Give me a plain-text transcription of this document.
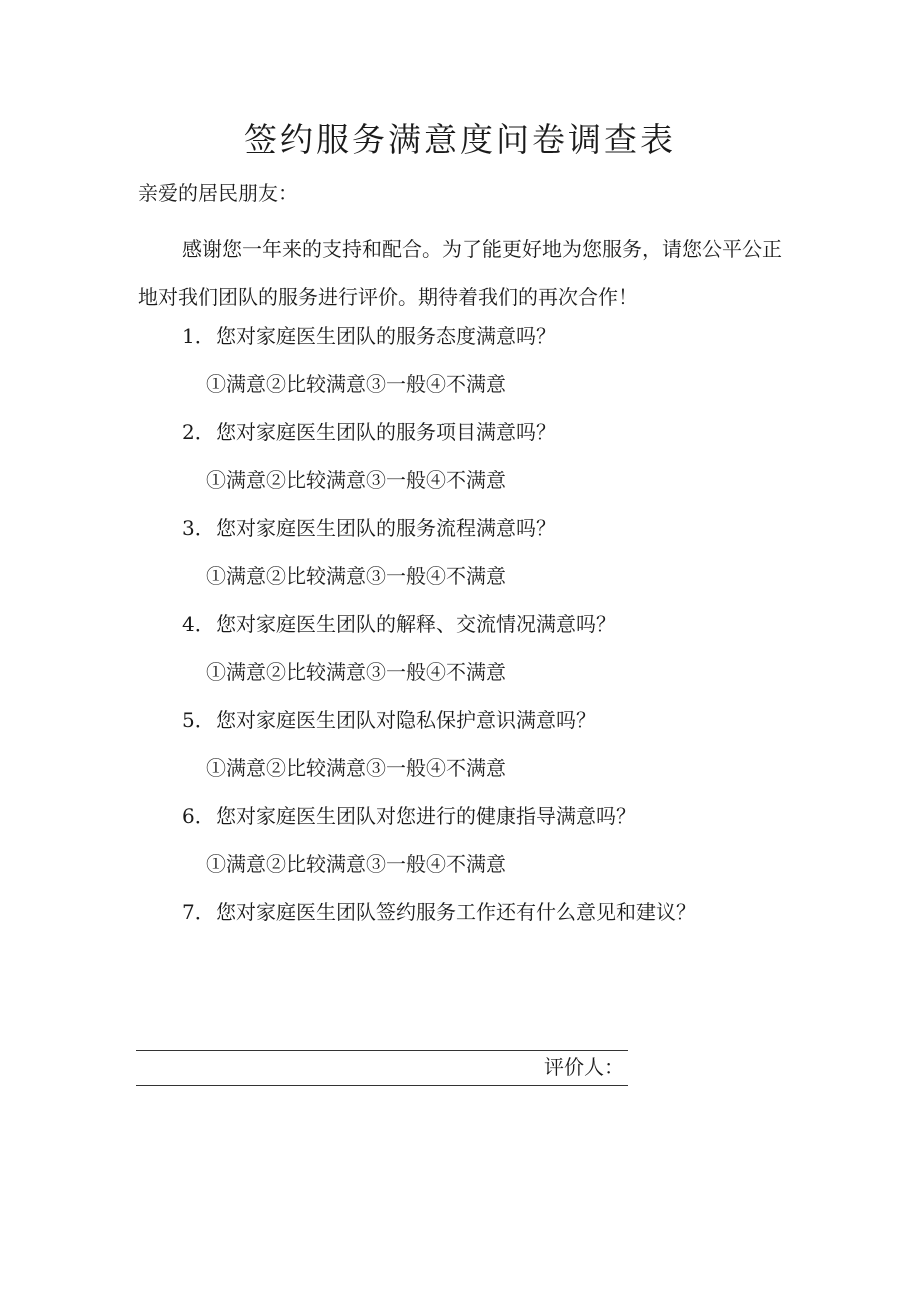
签约服务满意度问卷调查表
亲爱的居民朋友：

感谢您一年来的支持和配合。为了能更好地为您服务，请您公平公正地对我们团队的服务进行评价。期待着我们的再次合作！

1．您对家庭医生团队的服务态度满意吗？
①满意②比较满意③一般④不满意
2．您对家庭医生团队的服务项目满意吗？
①满意②比较满意③一般④不满意
3．您对家庭医生团队的服务流程满意吗？
①满意②比较满意③一般④不满意
4．您对家庭医生团队的解释、交流情况满意吗？
①满意②比较满意③一般④不满意
5．您对家庭医生团队对隐私保护意识满意吗？
①满意②比较满意③一般④不满意
6．您对家庭医生团队对您进行的健康指导满意吗？
①满意②比较满意③一般④不满意
7．您对家庭医生团队签约服务工作还有什么意见和建议？
评价人：
